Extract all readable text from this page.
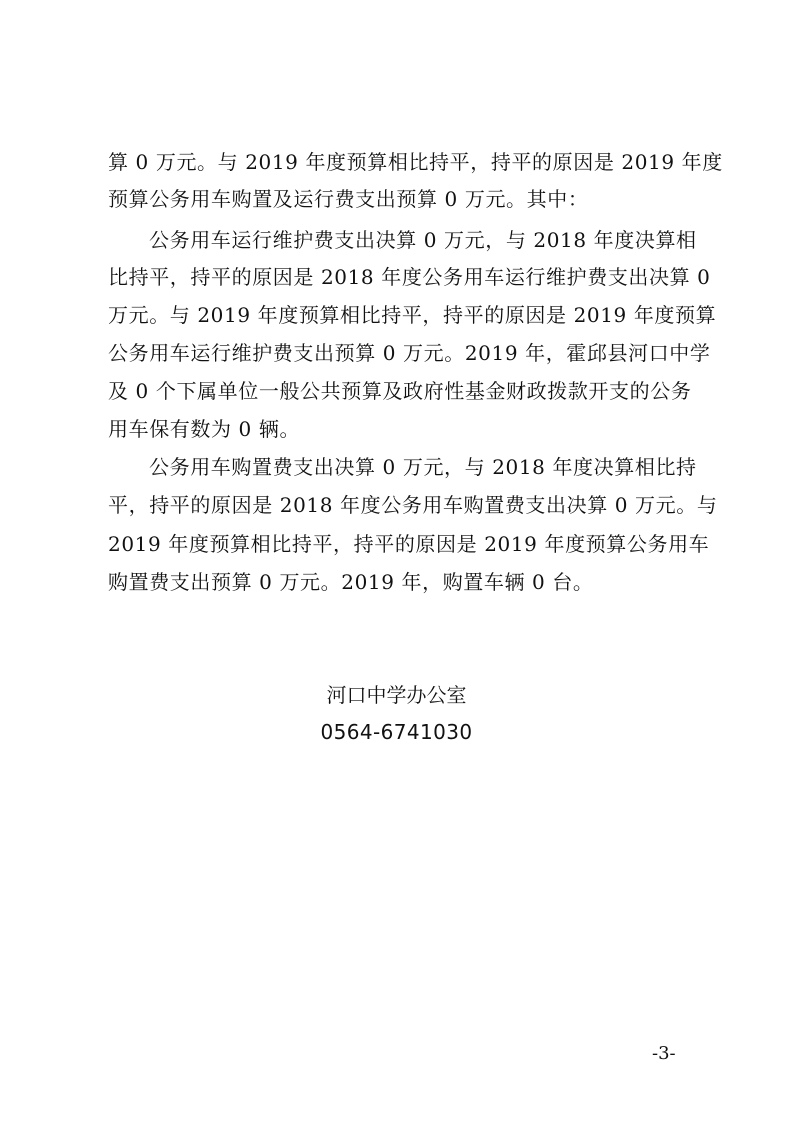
算 0 万元。与 2019 年度预算相比持平，持平的原因是 2019 年度
预算公务用车购置及运行费支出预算 0 万元。其中：
公务用车运行维护费支出决算 0 万元，与 2018 年度决算相
比持平，持平的原因是 2018 年度公务用车运行维护费支出决算 0
万元。与 2019 年度预算相比持平，持平的原因是 2019 年度预算
公务用车运行维护费支出预算 0 万元。2019 年，霍邱县河口中学
及 0 个下属单位一般公共预算及政府性基金财政拨款开支的公务
用车保有数为 0 辆。
公务用车购置费支出决算 0 万元，与 2018 年度决算相比持
平，持平的原因是 2018 年度公务用车购置费支出决算 0 万元。与
2019 年度预算相比持平，持平的原因是 2019 年度预算公务用车
购置费支出预算 0 万元。2019 年，购置车辆 0 台。
河口中学办公室
0564-6741030
-3-
